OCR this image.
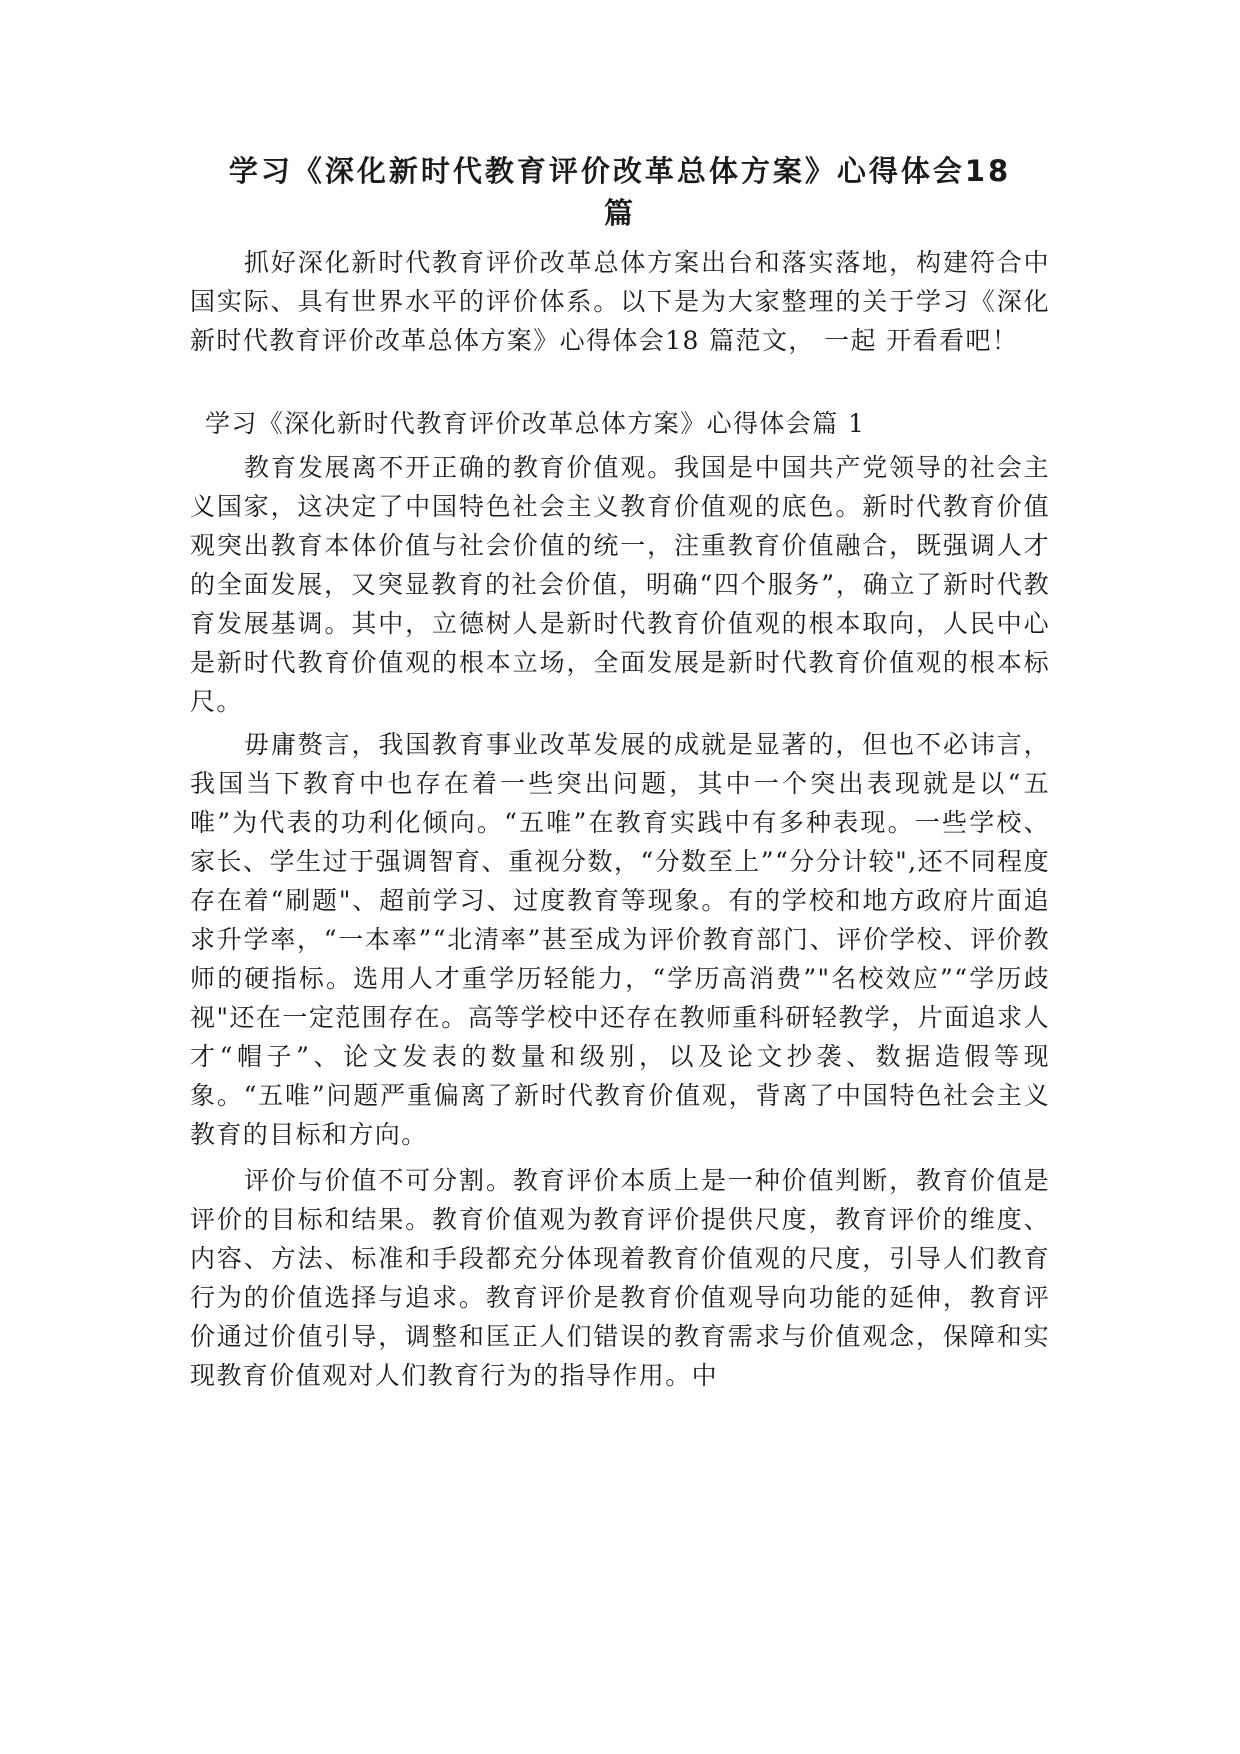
学习《深化新时代教育评价改革总体方案》心得体会18
篇

抓好深化新时代教育评价改革总体方案出台和落实落地，构建符合中国实际、具有世界水平的评价体系。以下是为大家整理的关于学习《深化新时代教育评价改革总体方案》心得体会18 篇范文， 一起 开看看吧！

学习《深化新时代教育评价改革总体方案》心得体会篇 1

教育发展离不开正确的教育价值观。我国是中国共产党领导的社会主义国家，这决定了中国特色社会主义教育价值观的底色。新时代教育价值观突出教育本体价值与社会价值的统一，注重教育价值融合，既强调人才的全面发展，又突显教育的社会价值，明确“四个服务”，确立了新时代教育发展基调。其中，立德树人是新时代教育价值观的根本取向，人民中心是新时代教育价值观的根本立场，全面发展是新时代教育价值观的根本标尺。

毋庸赘言，我国教育事业改革发展的成就是显著的，但也不必讳言，我国当下教育中也存在着一些突出问题，其中一个突出表现就是以“五唯”为代表的功利化倾向。“五唯”在教育实践中有多种表现。一些学校、家长、学生过于强调智育、重视分数，“分数至上”“分分计较",还不同程度存在着“刷题"、超前学习、过度教育等现象。有的学校和地方政府片面追求升学率，“一本率”“北清率”甚至成为评价教育部门、评价学校、评价教师的硬指标。选用人才重学历轻能力，“学历高消费”"名校效应”“学历歧视"还在一定范围存在。高等学校中还存在教师重科研轻教学，片面追求人才“帽子”、论文发表的数量和级别，以及论文抄袭、数据造假等现象。“五唯”问题严重偏离了新时代教育价值观，背离了中国特色社会主义教育的目标和方向。

评价与价值不可分割。教育评价本质上是一种价值判断，教育价值是评价的目标和结果。教育价值观为教育评价提供尺度，教育评价的维度、内容、方法、标准和手段都充分体现着教育价值观的尺度，引导人们教育行为的价值选择与追求。教育评价是教育价值观导向功能的延伸，教育评价通过价值引导，调整和匡正人们错误的教育需求与价值观念，保障和实现教育价值观对人们教育行为的指导作用。中
